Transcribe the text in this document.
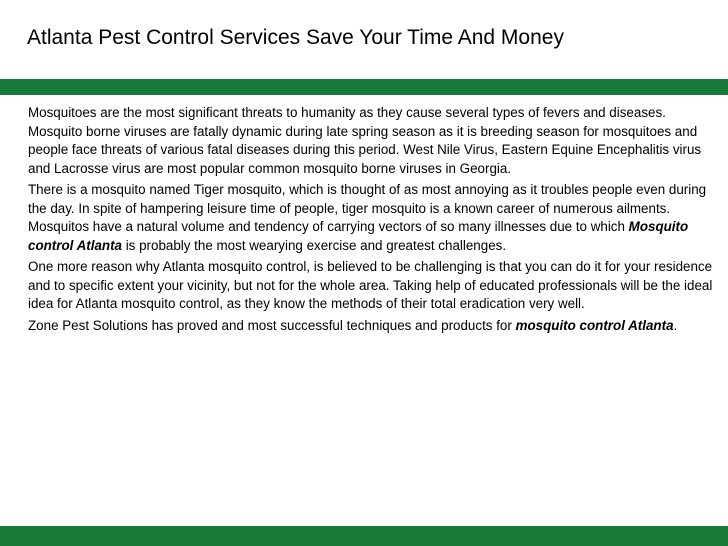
Atlanta Pest Control Services Save Your Time And Money

Mosquitoes are the most significant threats to humanity as they cause several types of fevers and diseases. Mosquito borne viruses are fatally dynamic during late spring season as it is breeding season for mosquitoes and people face threats of various fatal diseases during this period. West Nile Virus, Eastern Equine Encephalitis virus and Lacrosse virus are most popular common mosquito borne viruses in Georgia.

There is a mosquito named Tiger mosquito, which is thought of as most annoying as it troubles people even during the day. In spite of hampering leisure time of people, tiger mosquito is a known career of numerous ailments. Mosquitos have a natural volume and tendency of carrying vectors of so many illnesses due to which Mosquito control Atlanta is probably the most wearying exercise and greatest challenges.

One more reason why Atlanta mosquito control, is believed to be challenging is that you can do it for your residence and to specific extent your vicinity, but not for the whole area. Taking help of educated professionals will be the ideal idea for Atlanta mosquito control, as they know the methods of their total eradication very well.

Zone Pest Solutions has proved and most successful techniques and products for mosquito control Atlanta.
